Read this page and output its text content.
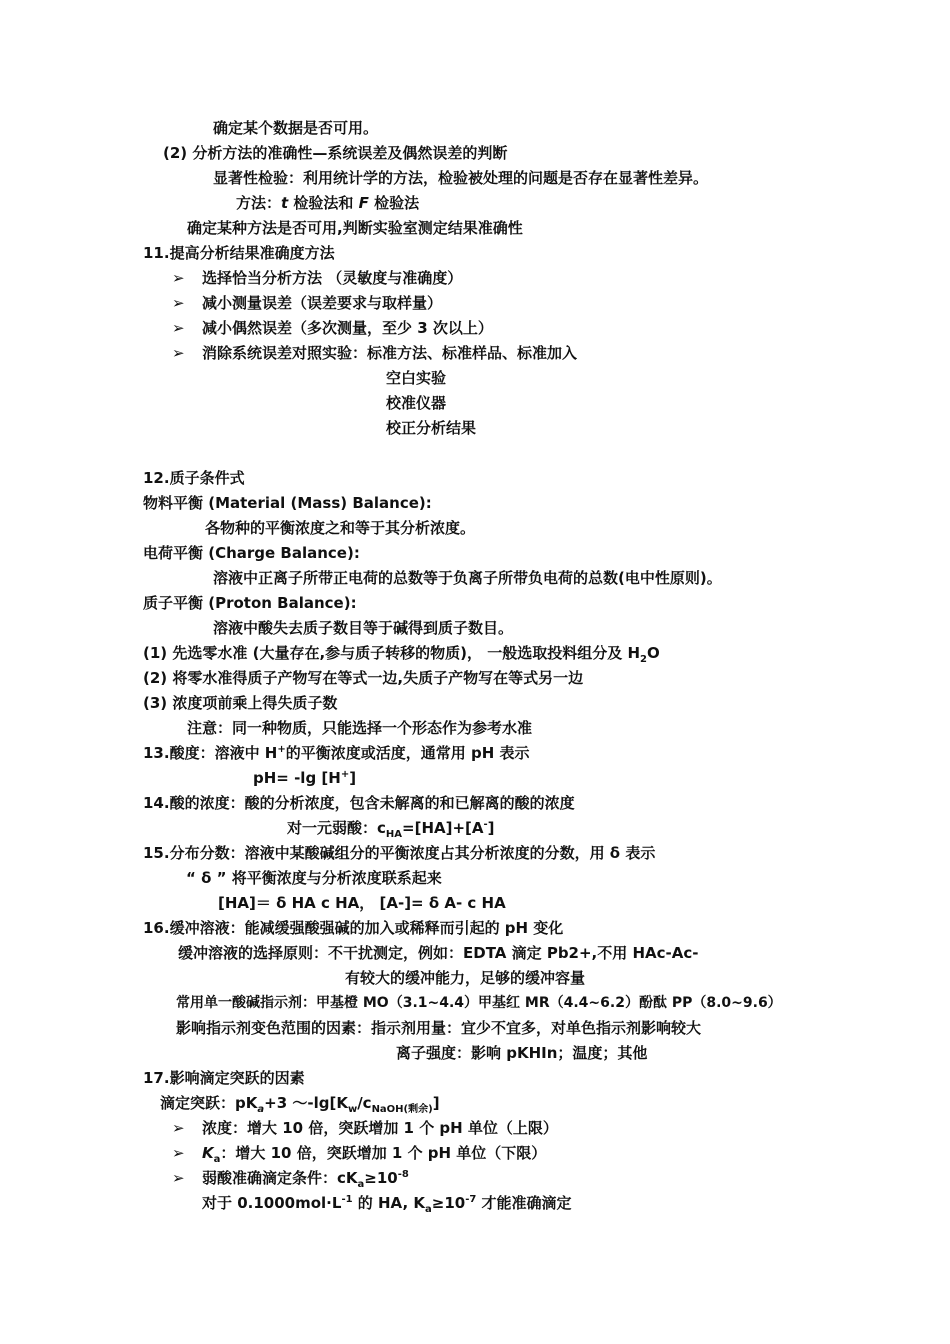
确定某个数据是否可用。
(2) 分析方法的准确性—系统误差及偶然误差的判断
显著性检验：利用统计学的方法，检验被处理的问题是否存在显著性差异。
方法：t 检验法和 F 检验法
确定某种方法是否可用,判断实验室测定结果准确性
11.提高分析结果准确度方法
➢ 选择恰当分析方法 （灵敏度与准确度）
➢ 减小测量误差（误差要求与取样量）
➢ 减小偶然误差（多次测量，至少 3 次以上）
➢ 消除系统误差对照实验：标准方法、标准样品、标准加入
空白实验
校准仪器
校正分析结果
12.质子条件式
物料平衡 (Material (Mass) Balance):
各物种的平衡浓度之和等于其分析浓度。
电荷平衡 (Charge Balance):
溶液中正离子所带正电荷的总数等于负离子所带负电荷的总数(电中性原则)。
质子平衡 (Proton Balance):
溶液中酸失去质子数目等于碱得到质子数目。
(1) 先选零水准 (大量存在,参与质子转移的物质)， 一般选取投料组分及 $H_2O$
(2) 将零水准得质子产物写在等式一边,失质子产物写在等式另一边
(3) 浓度项前乘上得失质子数
注意：同一种物质，只能选择一个形态作为参考水准
13.酸度：溶液中 H+的平衡浓度或活度，通常用 pH 表示
pH= -lg [H+]
14.酸的浓度：酸的分析浓度，包含未解离的和已解离的酸的浓度
对一元弱酸：$c_{HA}=[HA]+[A^-]$
15.分布分数：溶液中某酸碱组分的平衡浓度占其分析浓度的分数，用 δ 表示
“ δ ” 将平衡浓度与分析浓度联系起来
[HA]＝ δ HA c HA， [A-]= δ A- c HA
16.缓冲溶液：能减缓强酸强碱的加入或稀释而引起的 pH 变化
缓冲溶液的选择原则：不干扰测定，例如：EDTA 滴定 Pb2+,不用 HAc-Ac-
有较大的缓冲能力，足够的缓冲容量
常用单一酸碱指示剂：甲基橙 MO（3.1~4.4）甲基红 MR（4.4~6.2）酚酞 PP（8.0~9.6）
影响指示剂变色范围的因素：指示剂用量：宜少不宜多，对单色指示剂影响较大
离子强度：影响 pKHIn；温度；其他
17.影响滴定突跃的因素
滴定突跃：$pK_a+3$ $\sim-\lg[K_w/c_{NaOH(剩余)}]$
➢ 浓度：增大 10 倍，突跃增加 1 个 pH 单位（上限）
➢ $K_a$：增大 10 倍，突跃增加 1 个 pH 单位（下限）
➢ 弱酸准确滴定条件：$cK_a\ge 10^{-8}$
对于 $0.1000mol\cdot L^{-1}$ 的 HA, $K_a\ge 10^{-7}$ 才能准确滴定
